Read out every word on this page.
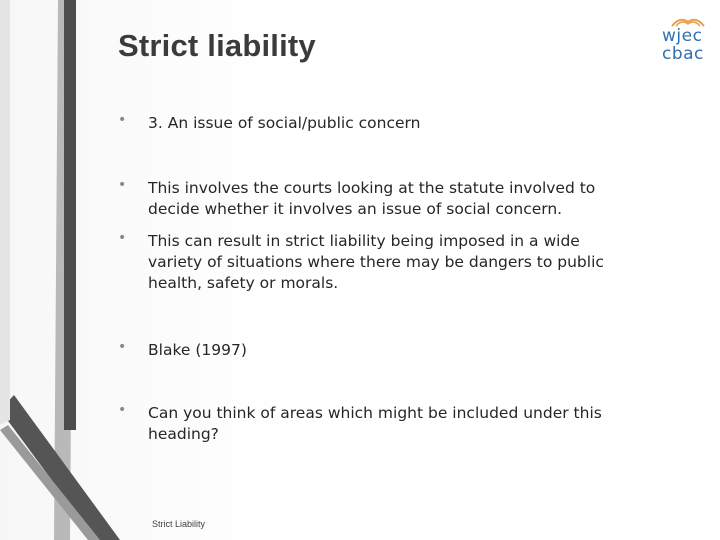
Strict liability	wjec
cbac
•	3. An issue of social/public concern
•	This involves the courts looking at the statute involved to decide whether it involves an issue of social concern.
•	This can result in strict liability being imposed in a wide variety of situations where there may be dangers to public health, safety or morals.
•	Blake (1997)
•	Can you think of areas which might be included under this heading?
Strict Liability
